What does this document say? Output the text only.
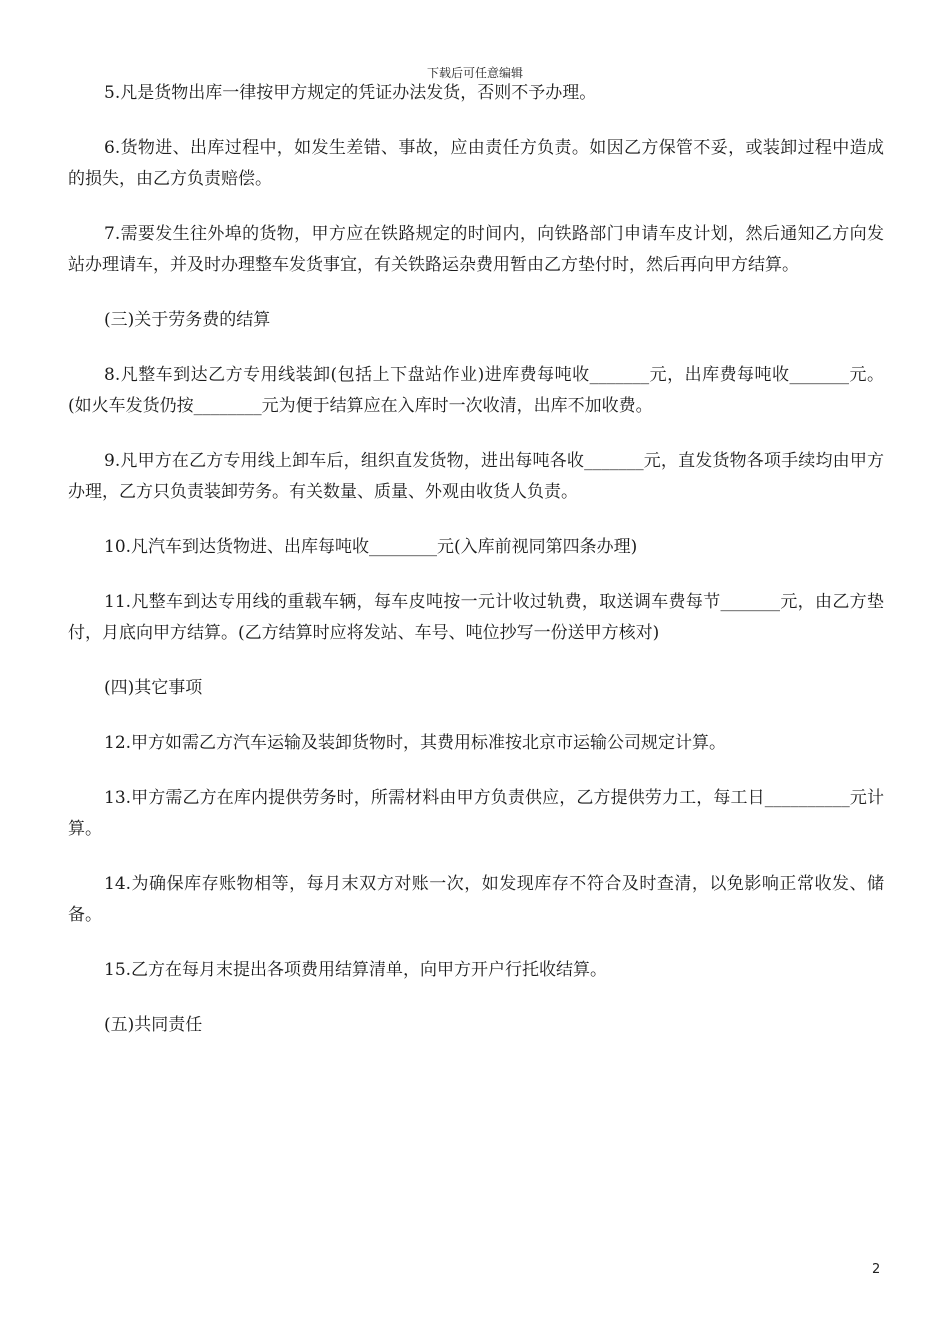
下载后可任意编辑

5.凡是货物出库一律按甲方规定的凭证办法发货，否则不予办理。

6.货物进、出库过程中，如发生差错、事故，应由责任方负责。如因乙方保管不妥，或装卸过程中造成的损失，由乙方负责赔偿。

7.需要发生往外埠的货物，甲方应在铁路规定的时间内，向铁路部门申请车皮计划，然后通知乙方向发站办理请车，并及时办理整车发货事宜，有关铁路运杂费用暂由乙方垫付时，然后再向甲方结算。

(三)关于劳务费的结算

8.凡整车到达乙方专用线装卸(包括上下盘站作业)进库费每吨收_______元，出库费每吨收_______元。(如火车发货仍按________元为便于结算应在入库时一次收清，出库不加收费。

9.凡甲方在乙方专用线上卸车后，组织直发货物，进出每吨各收_______元，直发货物各项手续均由甲方办理，乙方只负责装卸劳务。有关数量、质量、外观由收货人负责。

10.凡汽车到达货物进、出库每吨收________元(入库前视同第四条办理)

11.凡整车到达专用线的重载车辆，每车皮吨按一元计收过轨费，取送调车费每节_______元，由乙方垫付，月底向甲方结算。(乙方结算时应将发站、车号、吨位抄写一份送甲方核对)

(四)其它事项

12.甲方如需乙方汽车运输及装卸货物时，其费用标准按北京市运输公司规定计算。

13.甲方需乙方在库内提供劳务时，所需材料由甲方负责供应，乙方提供劳力工，每工日__________元计算。

14.为确保库存账物相等，每月末双方对账一次，如发现库存不符合及时查清，以免影响正常收发、储备。

15.乙方在每月末提出各项费用结算清单，向甲方开户行托收结算。

(五)共同责任

2
